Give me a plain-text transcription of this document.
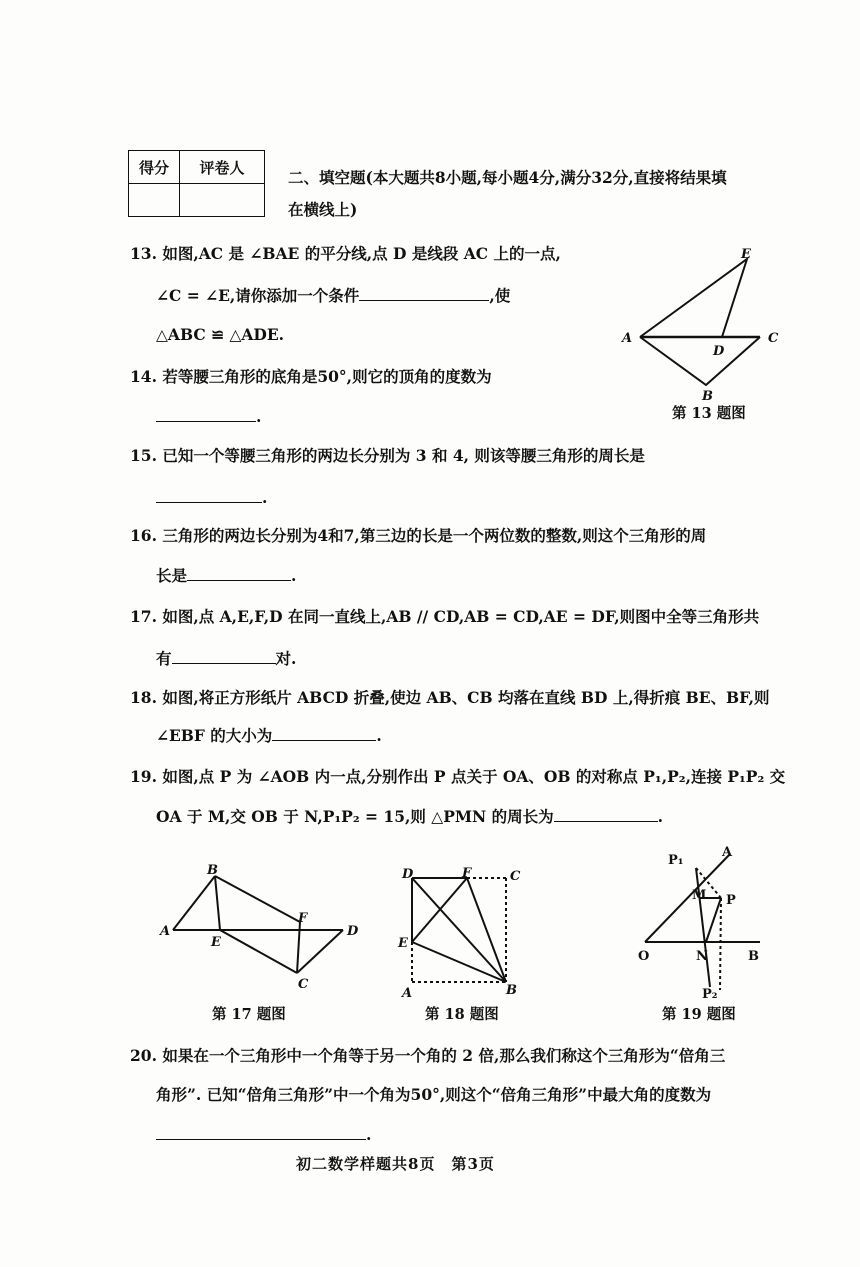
得分	评卷人

二、填空题(本大题共8小题,每小题4分,满分32分,直接将结果填
在横线上)
13. 如图,AC 是 ∠BAE 的平分线,点 D 是线段 AC 上的一点,
∠C = ∠E,请你添加一个条件	,使
△ABC ≌ △ADE.
E
A	C
D
B
第 13 题图
14. 若等腰三角形的底角是50°,则它的顶角的度数为
.
15. 已知一个等腰三角形的两边长分别为 3 和 4, 则该等腰三角形的周长是
.
16. 三角形的两边长分别为4和7,第三边的长是一个两位数的整数,则这个三角形的周
长是	.
17. 如图,点 A,E,F,D 在同一直线上,AB // CD,AB = CD,AE = DF,则图中全等三角形共
有	对.
18. 如图,将正方形纸片 ABCD 折叠,使边 AB、CB 均落在直线 BD 上,得折痕 BE、BF,则
∠EBF 的大小为	.
19. 如图,点 P 为 ∠AOB 内一点,分别作出 P 点关于 OA、OB 的对称点 P₁,P₂,连接 P₁P₂ 交
OA 于 M,交 OB 于 N,P₁P₂ = 15,则 △PMN 的周长为	.
B
A
E
F
D
C
第 17 题图
D	F	C
E
A	B
第 18 题图
P₁
A
M P
O	N	B
P₂
第 19 题图
20. 如果在一个三角形中一个角等于另一个角的 2 倍,那么我们称这个三角形为“倍角三
角形”. 已知“倍角三角形”中一个角为50°,则这个“倍角三角形”中最大角的度数为
.
初二数学样题共8页　第3页
